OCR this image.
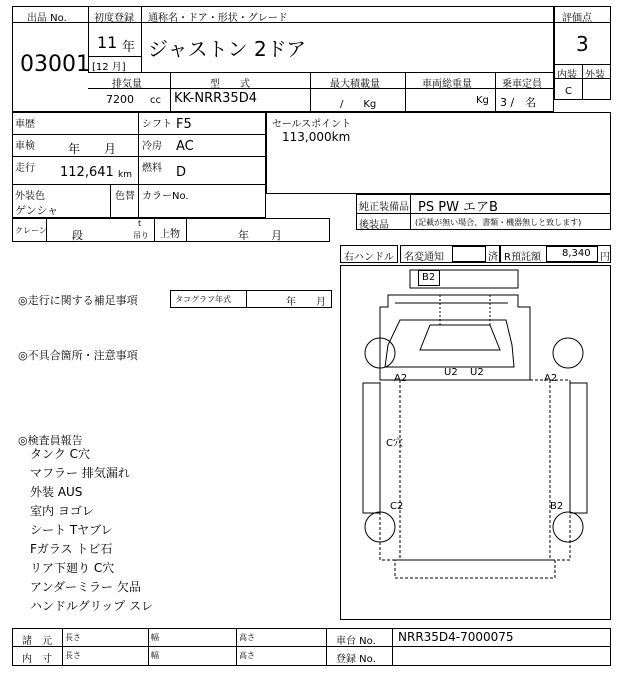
出品 No.
03001
初度登録
11 年
[12 月]
通称名・ドア・形状・グレード
ジャストン 2ドア
評価点
3
内装 外装
C
排気量
7200 cc
型　　式
KK-NRR35D4
最大積載量
/　　Kg
車両総重量
Kg
乗車定員
3 /　名
車歴	シフト F5
車検	年　　月	冷房 AC
走行 112,641 km
燃料 D
外装色
ゲンシャ
色替 カラーNo.
セールスポイント
113,000km
純正装備品 PS PW エアB
後装品	(記載が無い場合、書類・機器無しと致します)
クレーン 段
t
吊り 上物	年　　月
右ハンドル 名変通知	済 R預託額 8,340 円
◎走行に関する補足事項	タコグラフ年式	年　　月
◎不具合箇所・注意事項
◎検査員報告
タンク C穴
マフラー 排気漏れ
外装 AUS
室内 ヨゴレ
シート Tヤブレ
Fガラス トビ石
リア下廻り C穴
アンダーミラー 欠品
ハンドルグリップ スレ
B2
A2
U2 U2
A2
C穴
C2	B2
諸　元
内　寸
長さ
長さ
幅
幅
高さ
高さ
車台 No. NRR35D4-7000075
登録 No.
